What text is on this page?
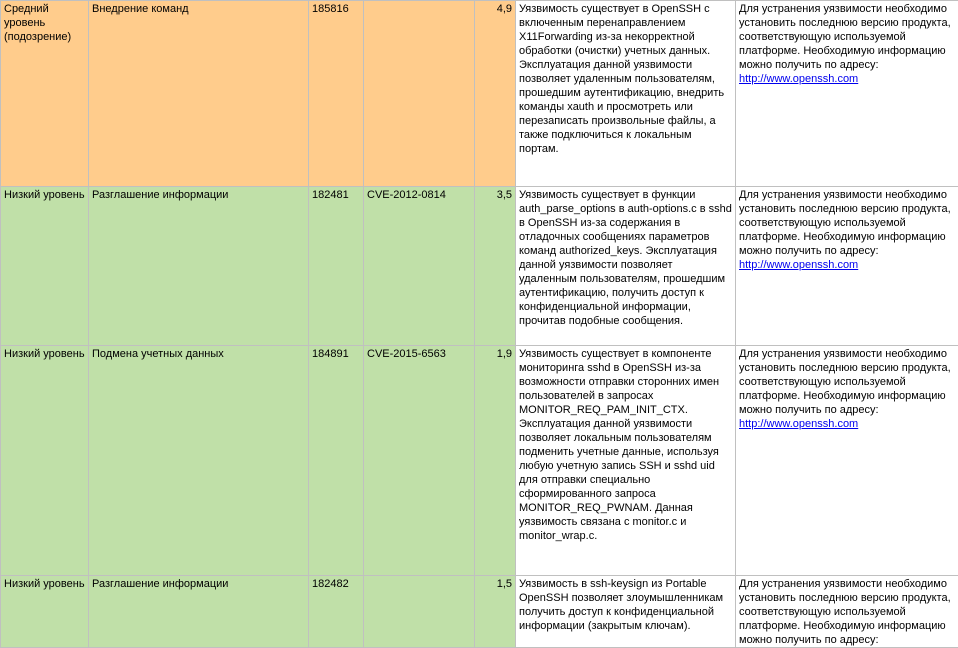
Средний уровень (подозрение)	Внедрение команд	185816		4,9	Уязвимость существует в OpenSSH с включенным перенаправлением X11Forwarding из-за некорректной обработки (очистки) учетных данных. Эксплуатация данной уязвимости позволяет удаленным пользователям, прошедшим аутентификацию, внедрить команды xauth и просмотреть или перезаписать произвольные файлы, а также подключиться к локальным портам.	Для устранения уязвимости необходимо установить последнюю версию продукта, соответствующую используемой платформе. Необходимую информацию можно получить по адресу:
http://www.openssh.com
Низкий уровень	Разглашение информации	182481	CVE-2012-0814	3,5	Уязвимость существует в функции auth_parse_options в auth-options.c в sshd в OpenSSH из-за содержания в отладочных сообщениях параметров команд authorized_keys. Эксплуатация данной уязвимости позволяет удаленным пользователям, прошедшим аутентификацию, получить доступ к конфиденциальной информации, прочитав подобные сообщения.	Для устранения уязвимости необходимо установить последнюю версию продукта, соответствующую используемой платформе. Необходимую информацию можно получить по адресу:
http://www.openssh.com
Низкий уровень	Подмена учетных данных	184891	CVE-2015-6563	1,9	Уязвимость существует в компоненте мониторинга sshd в OpenSSH из-за возможности отправки сторонних имен пользователей в запросах MONITOR_REQ_PAM_INIT_CTX. Эксплуатация данной уязвимости позволяет локальным пользователям подменить учетные данные, используя любую учетную запись SSH и sshd uid для отправки специально сформированного запроса MONITOR_REQ_PWNAM. Данная уязвимость связана с monitor.c и monitor_wrap.c.	Для устранения уязвимости необходимо установить последнюю версию продукта, соответствующую используемой платформе. Необходимую информацию можно получить по адресу:
http://www.openssh.com
Низкий уровень	Разглашение информации	182482		1,5	Уязвимость в ssh-keysign из Portable OpenSSH позволяет злоумышленникам получить доступ к конфиденциальной информации (закрытым ключам).	Для устранения уязвимости необходимо установить последнюю версию продукта, соответствующую используемой платформе. Необходимую информацию можно получить по адресу:
